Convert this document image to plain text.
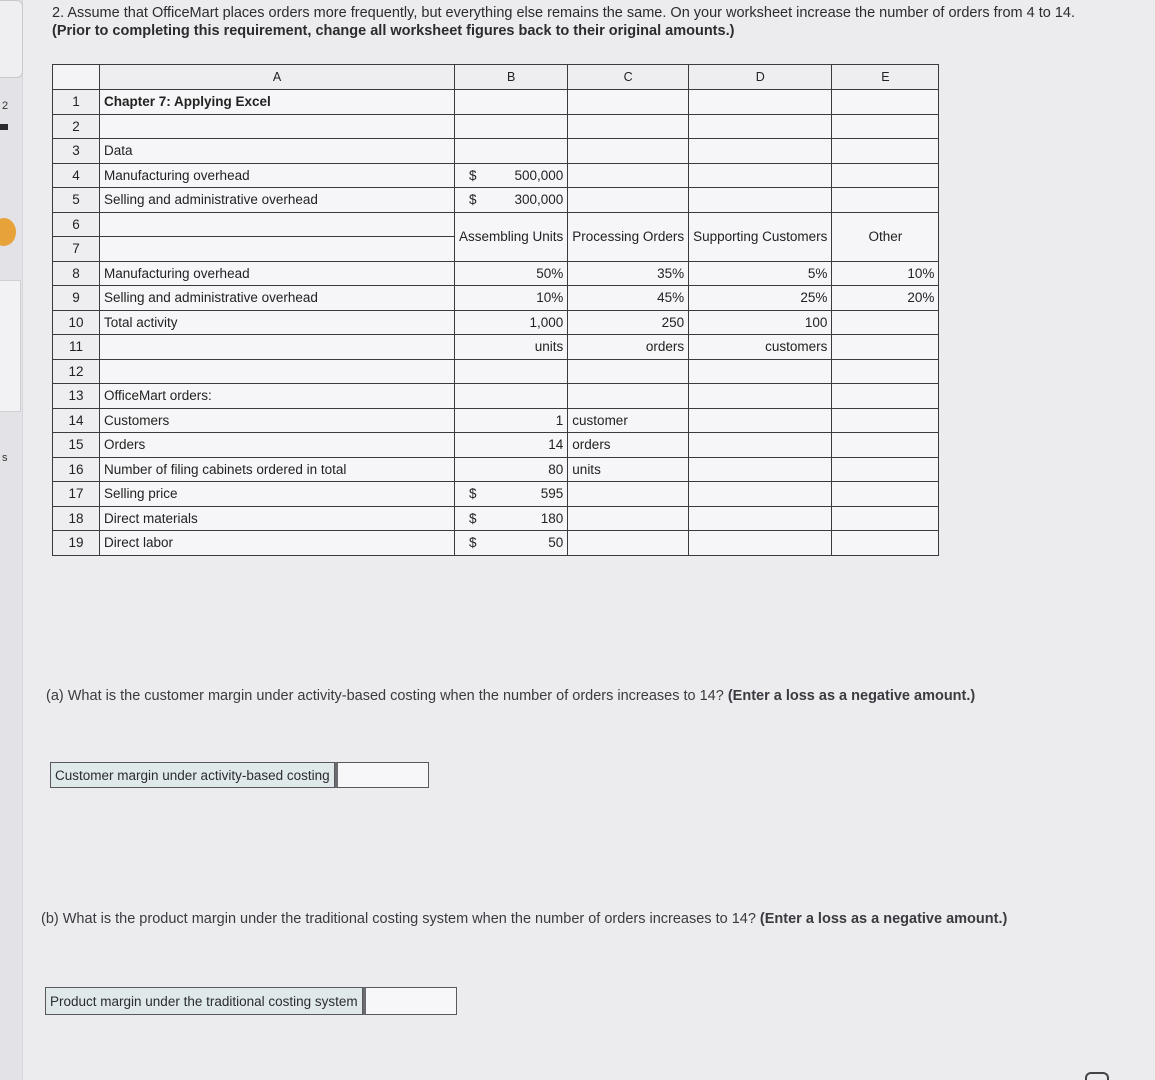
2
s
2. Assume that OfficeMart places orders more frequently, but everything else remains the same. On your worksheet increase the number of orders from 4 to 14. (Prior to completing this requirement, change all worksheet figures back to their original amounts.)
	A	B	C	D	E
1	Chapter 7: Applying Excel				
2					
3	Data				
4	Manufacturing overhead	$ 500,000			

5	Selling and administrative overhead	$ 300,000			

6		Assembling Units	Processing Orders	Supporting Customers	Other
7					
8	Manufacturing overhead	50%	35%	5%	10%
9	Selling and administrative overhead	10%	45%	25%	20%
10	Total activity	1,000	250	100	
11		units	orders	customers	
12					
13	OfficeMart orders:				
14	Customers	1	customer		
15	Orders	14	orders		
16	Number of filing cabinets ordered in total	80	units		
17	Selling price	$ 595			

18	Direct materials	$ 180			

19	Direct labor	$ 50			

(a) What is the customer margin under activity-based costing when the number of orders increases to 14? (Enter a loss as a negative amount.)
Customer margin under activity-based costing
(b) What is the product margin under the traditional costing system when the number of orders increases to 14? (Enter a loss as a negative amount.)
Product margin under the traditional costing system
